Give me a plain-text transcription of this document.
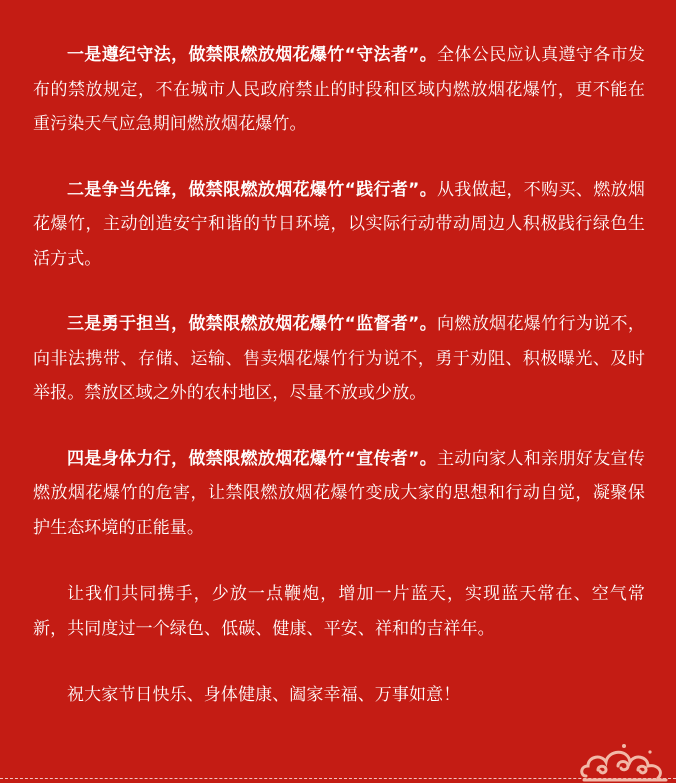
一是遵纪守法，做禁限燃放烟花爆竹“守法者”。全体公民应认真遵守各市发布的禁放规定，不在城市人民政府禁止的时段和区域内燃放烟花爆竹，更不能在重污染天气应急期间燃放烟花爆竹。

二是争当先锋，做禁限燃放烟花爆竹“践行者”。从我做起，不购买、燃放烟花爆竹，主动创造安宁和谐的节日环境，以实际行动带动周边人积极践行绿色生活方式。

三是勇于担当，做禁限燃放烟花爆竹“监督者”。向燃放烟花爆竹行为说不，向非法携带、存储、运输、售卖烟花爆竹行为说不，勇于劝阻、积极曝光、及时举报。禁放区域之外的农村地区，尽量不放或少放。

四是身体力行，做禁限燃放烟花爆竹“宣传者”。主动向家人和亲朋好友宣传燃放烟花爆竹的危害，让禁限燃放烟花爆竹变成大家的思想和行动自觉，凝聚保护生态环境的正能量。

让我们共同携手，少放一点鞭炮，增加一片蓝天，实现蓝天常在、空气常新，共同度过一个绿色、低碳、健康、平安、祥和的吉祥年。

祝大家节日快乐、身体健康、阖家幸福、万事如意！
